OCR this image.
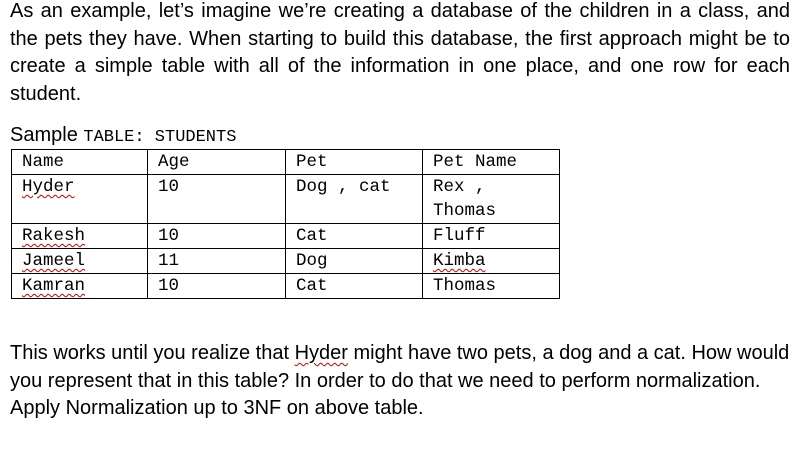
As an example, let’s imagine we’re creating a database of the children in a class, and the pets they have. When starting to build this database, the first approach might be to create a simple table with all of the information in one place, and one row for each student.

Sample TABLE: STUDENTS
Name	Age	Pet	Pet Name
Hyder	10	Dog , cat	Rex , Thomas
Rakesh	10	Cat	Fluff
Jameel	11	Dog	Kimba
Kamran	10	Cat	Thomas

This works until you realize that Hyder might have two pets, a dog and a cat. How would you represent that in this table? In order to do that we need to perform normalization. Apply Normalization up to 3NF on above table.
